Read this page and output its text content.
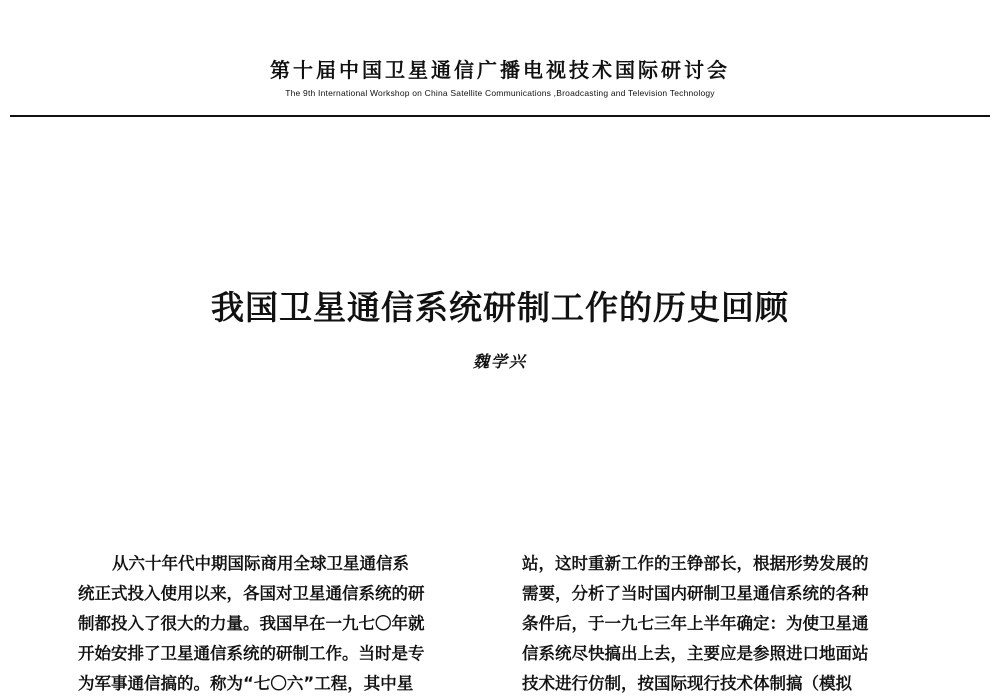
第十届中国卫星通信广播电视技术国际研讨会
The 9th International Workshop on China Satellite Communications ,Broadcasting and Television Technology
我国卫星通信系统研制工作的历史回顾
魏学兴
从六十年代中期国际商用全球卫星通信系
统正式投入使用以来，各国对卫星通信系统的研
制都投入了很大的力量。我国早在一九七〇年就
开始安排了卫星通信系统的研制工作。当时是专
为军事通信搞的。称为“七〇六”工程，其中星
站，这时重新工作的王铮部长，根据形势发展的
需要，分析了当时国内研制卫星通信系统的各种
条件后，于一九七三年上半年确定：为使卫星通
信系统尽快搞出上去，主要应是参照进口地面站
技术进行仿制，按国际现行技术体制搞（模拟
